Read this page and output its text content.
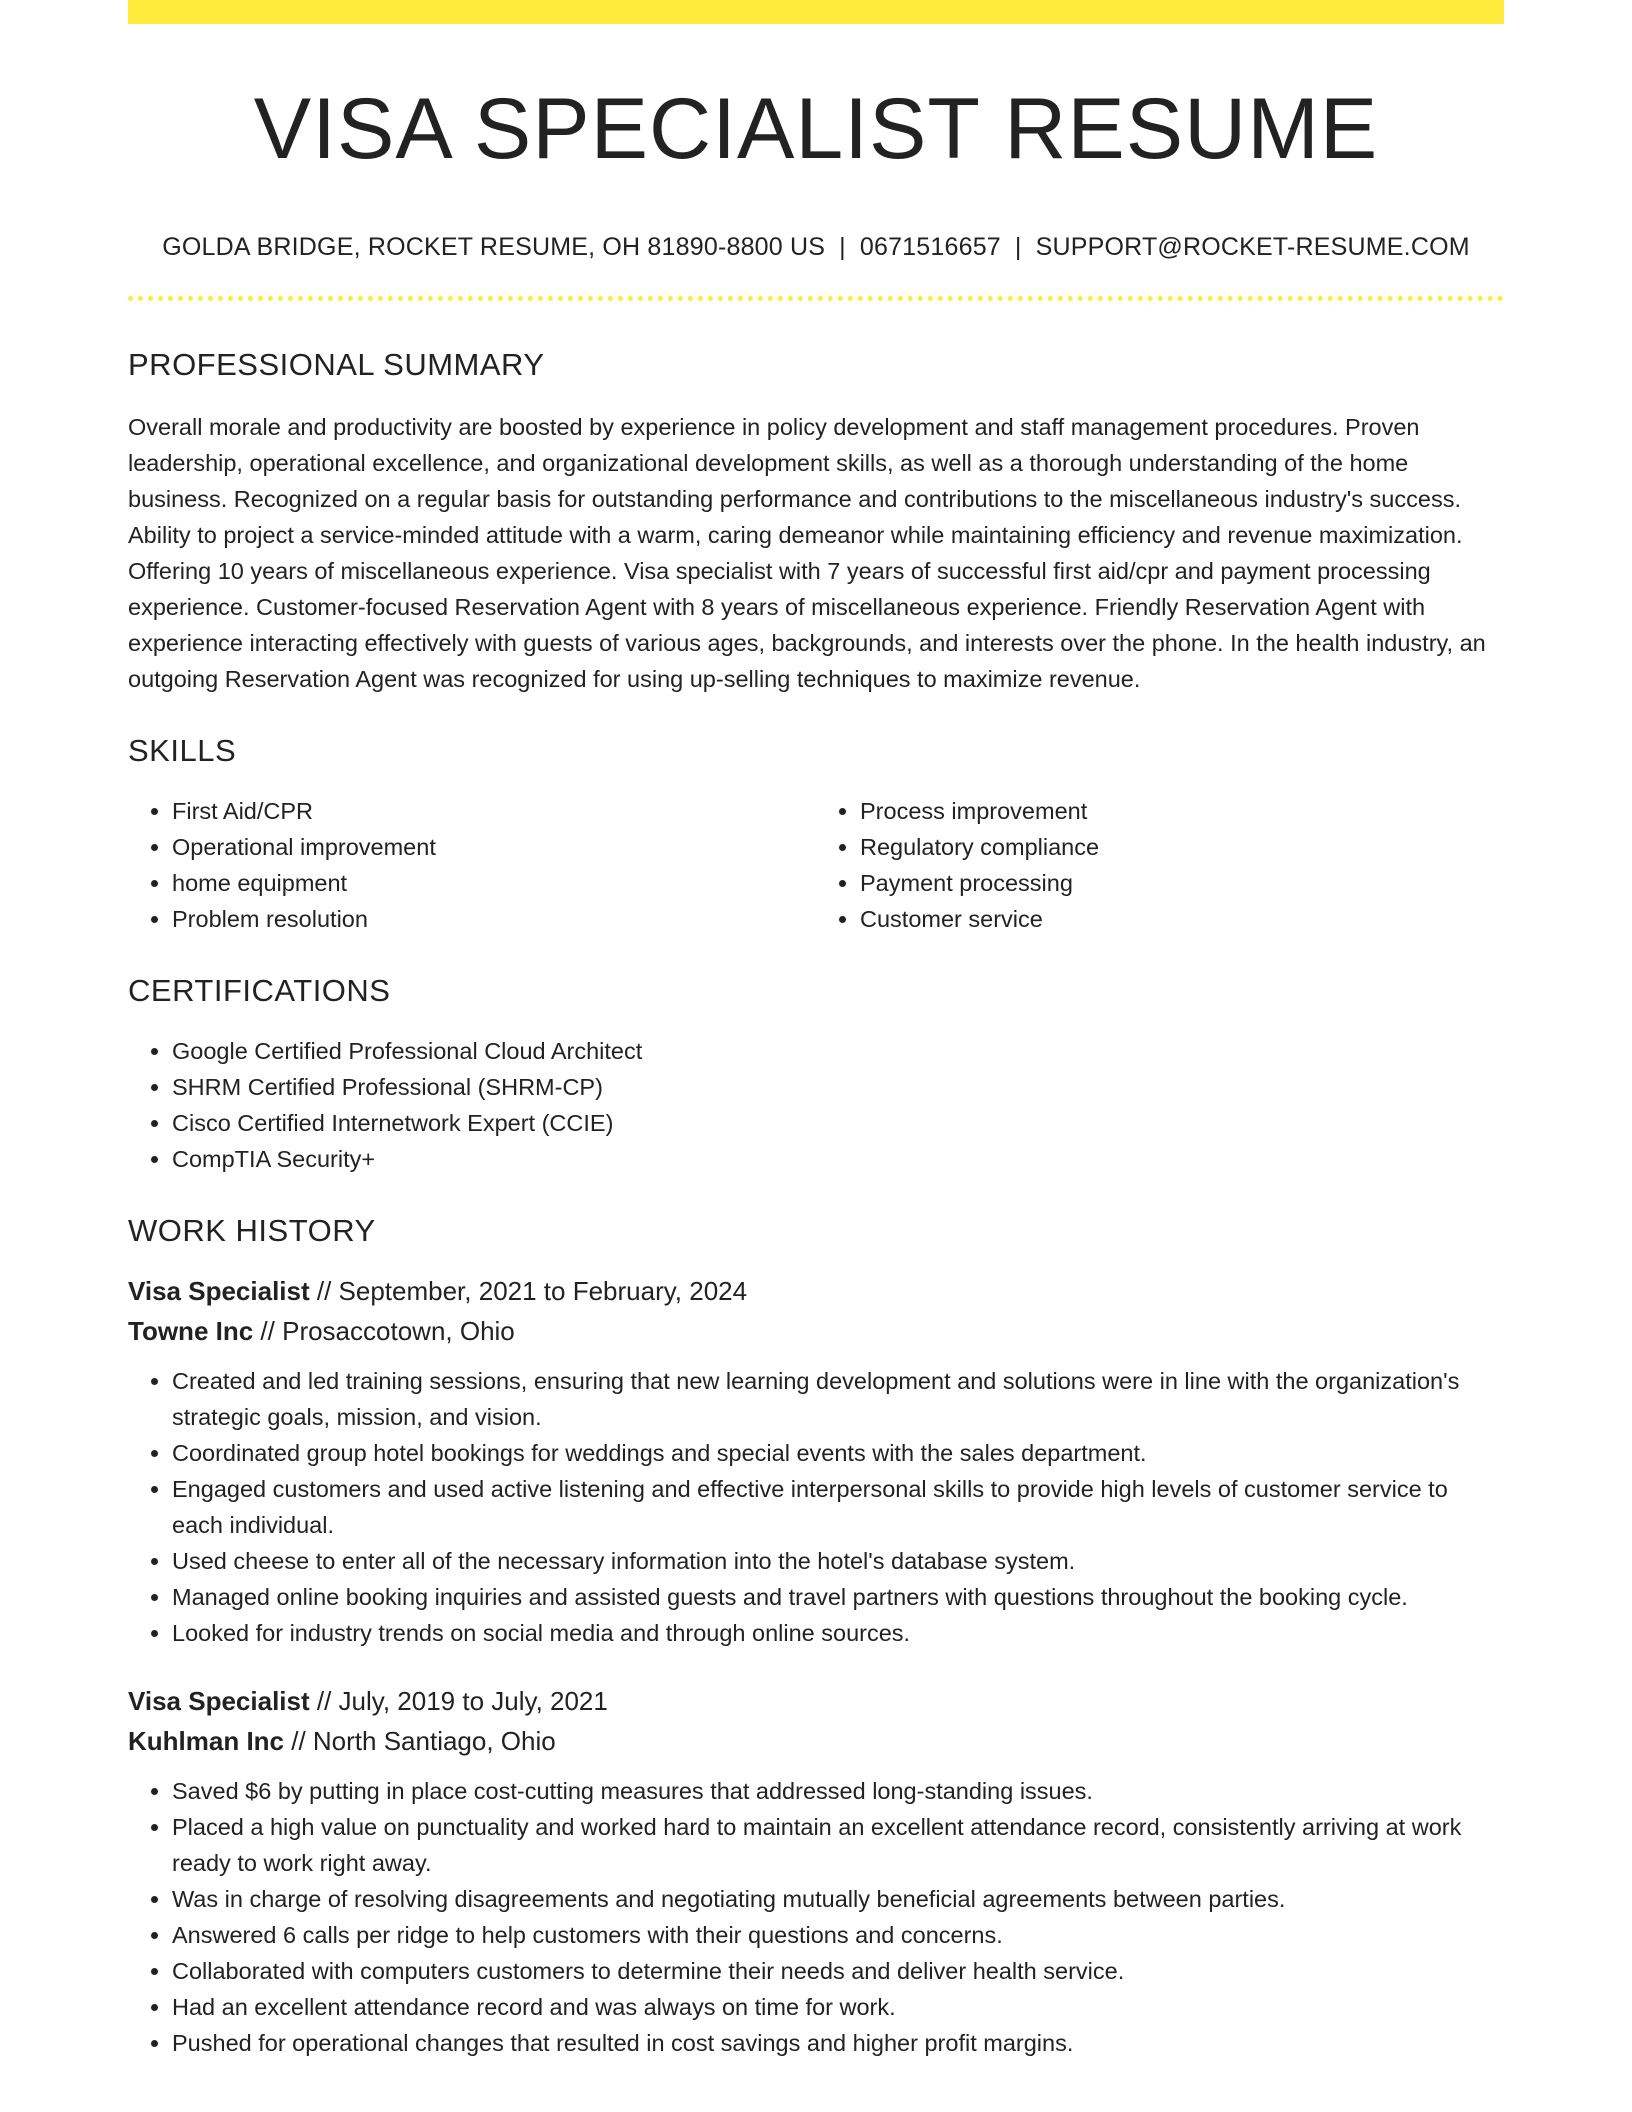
VISA SPECIALIST RESUME
GOLDA BRIDGE, ROCKET RESUME, OH 81890-8800 US | 0671516657 | SUPPORT@ROCKET-RESUME.COM
PROFESSIONAL SUMMARY
Overall morale and productivity are boosted by experience in policy development and staff management procedures. Proven leadership, operational excellence, and organizational development skills, as well as a thorough understanding of the home business. Recognized on a regular basis for outstanding performance and contributions to the miscellaneous industry's success. Ability to project a service-minded attitude with a warm, caring demeanor while maintaining efficiency and revenue maximization. Offering 10 years of miscellaneous experience. Visa specialist with 7 years of successful first aid/cpr and payment processing experience. Customer-focused Reservation Agent with 8 years of miscellaneous experience. Friendly Reservation Agent with experience interacting effectively with guests of various ages, backgrounds, and interests over the phone. In the health industry, an outgoing Reservation Agent was recognized for using up-selling techniques to maximize revenue.
SKILLS
• First Aid/CPR
• Operational improvement
• home equipment
• Problem resolution
• Process improvement
• Regulatory compliance
• Payment processing
• Customer service
CERTIFICATIONS
• Google Certified Professional Cloud Architect
• SHRM Certified Professional (SHRM-CP)
• Cisco Certified Internetwork Expert (CCIE)
• CompTIA Security+
WORK HISTORY
Visa Specialist // September, 2021 to February, 2024
Towne Inc // Prosaccotown, Ohio
• Created and led training sessions, ensuring that new learning development and solutions were in line with the organization's strategic goals, mission, and vision.
• Coordinated group hotel bookings for weddings and special events with the sales department.
• Engaged customers and used active listening and effective interpersonal skills to provide high levels of customer service to each individual.
• Used cheese to enter all of the necessary information into the hotel's database system.
• Managed online booking inquiries and assisted guests and travel partners with questions throughout the booking cycle.
• Looked for industry trends on social media and through online sources.
Visa Specialist // July, 2019 to July, 2021
Kuhlman Inc // North Santiago, Ohio
• Saved $6 by putting in place cost-cutting measures that addressed long-standing issues.
• Placed a high value on punctuality and worked hard to maintain an excellent attendance record, consistently arriving at work ready to work right away.
• Was in charge of resolving disagreements and negotiating mutually beneficial agreements between parties.
• Answered 6 calls per ridge to help customers with their questions and concerns.
• Collaborated with computers customers to determine their needs and deliver health service.
• Had an excellent attendance record and was always on time for work.
• Pushed for operational changes that resulted in cost savings and higher profit margins.
